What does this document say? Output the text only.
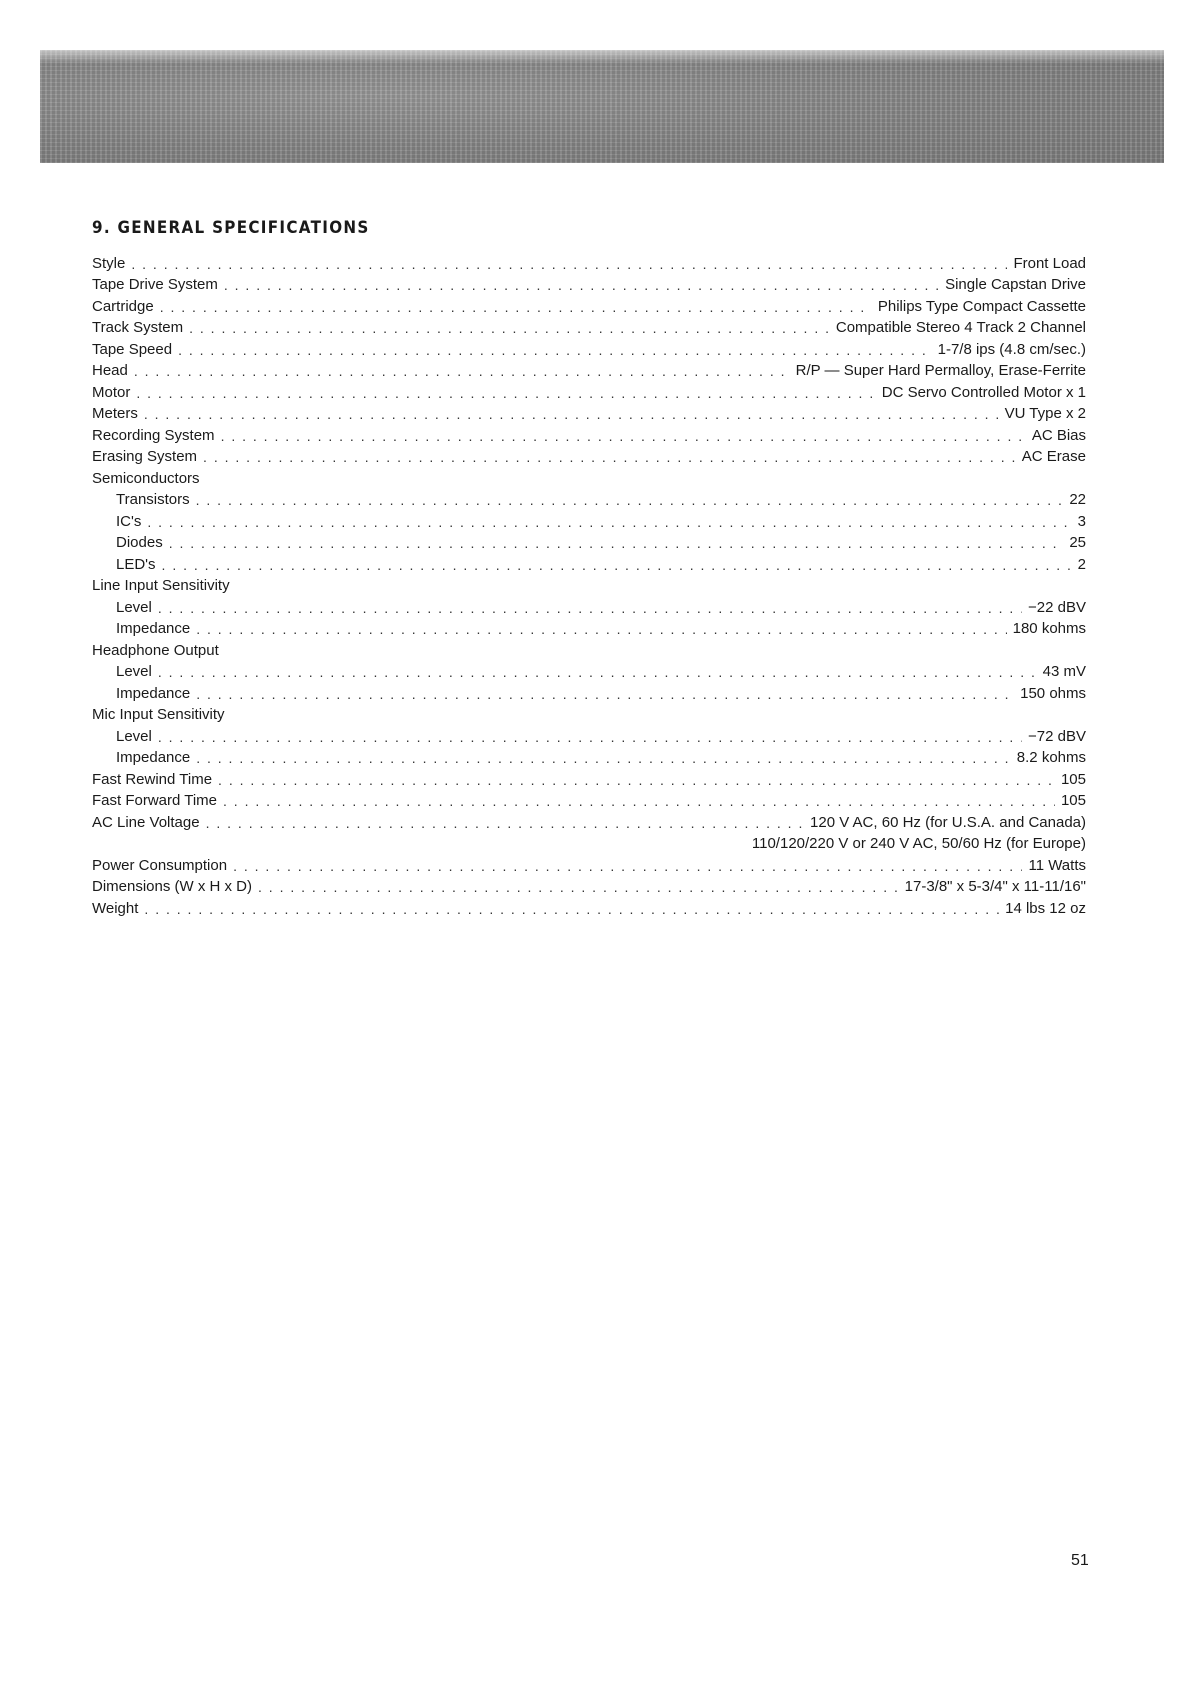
9. GENERAL SPECIFICATIONS
Style . . .	Front Load
Tape Drive System . . .	Single Capstan Drive
Cartridge . . .	Philips Type Compact Cassette
Track System . . .	Compatible Stereo 4 Track 2 Channel
Tape Speed . . .	1-7/8 ips (4.8 cm/sec.)
Head . . .	R/P — Super Hard Permalloy, Erase-Ferrite
Motor . . .	DC Servo Controlled Motor x 1
Meters . . .	VU Type x 2
Recording System . . .	AC Bias
Erasing System . . .	AC Erase
Semiconductors
Transistors . . .	22
IC's . . .	3
Diodes . . .	25
LED's . . .	2
Line Input Sensitivity
Level . . .	−22 dBV
Impedance . . .	180 kohms
Headphone Output
Level . . .	43 mV
Impedance . . .	150 ohms
Mic Input Sensitivity
Level . . .	−72 dBV
Impedance . . .	8.2 kohms
Fast Rewind Time . . .	105
Fast Forward Time . . .	105
AC Line Voltage . . .	120 V AC, 60 Hz (for U.S.A. and Canada)
110/120/220 V or 240 V AC, 50/60 Hz (for Europe)
Power Consumption . . .	11 Watts
Dimensions (W x H x D) . . .	17-3/8" x 5-3/4" x 11-11/16"
Weight . . .	14 lbs 12 oz
51
